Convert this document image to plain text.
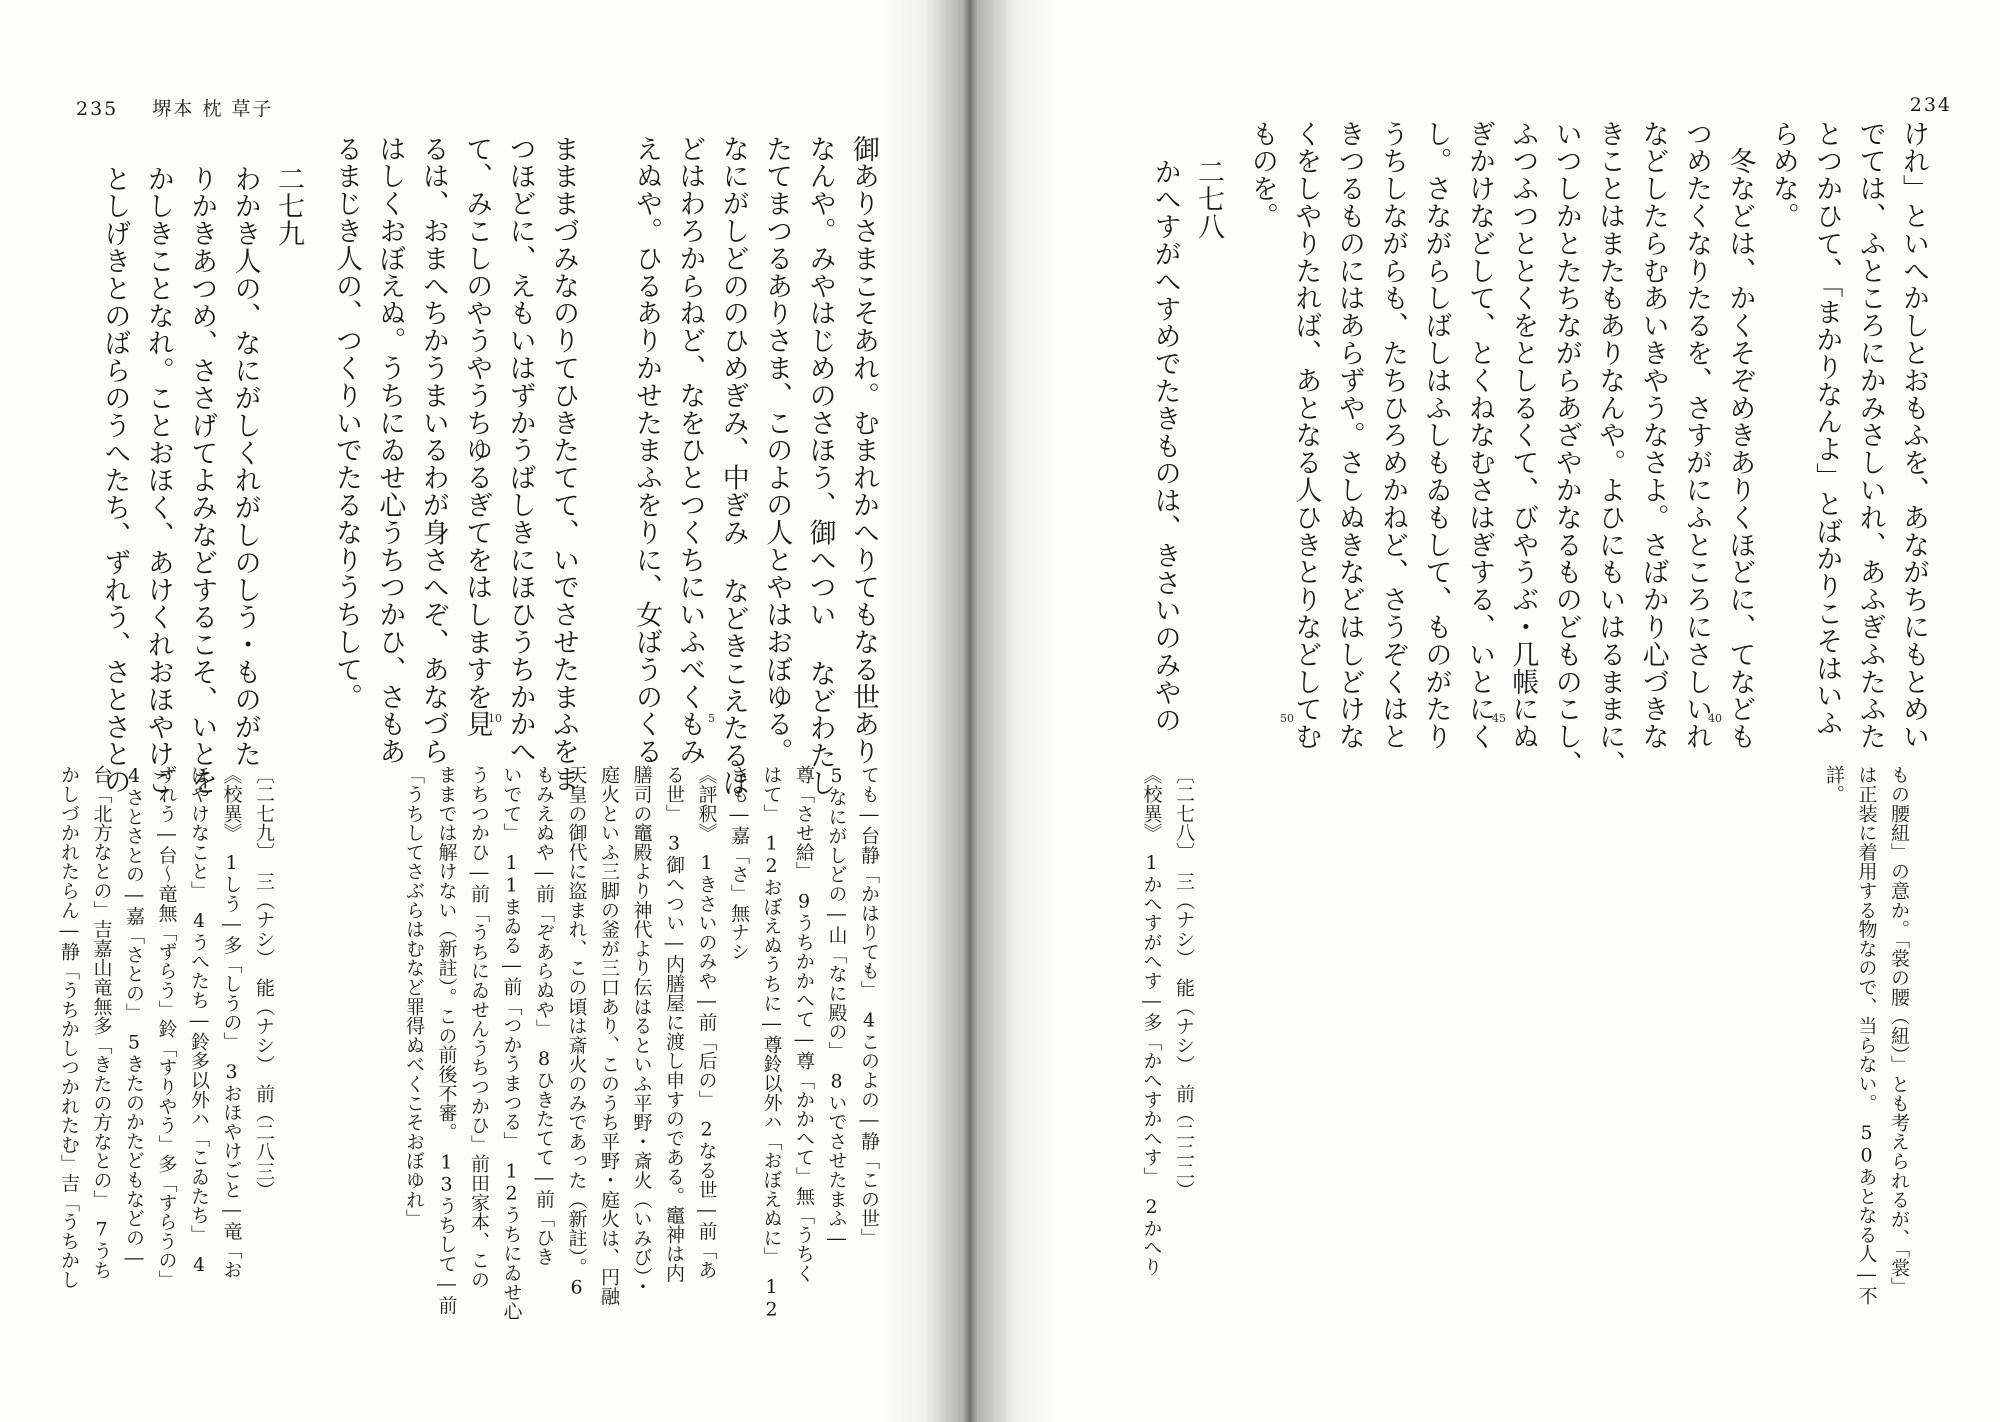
234
けれ」といへかしとおもふを、あながちにもとめい
でては、ふところにかみさしいれ、あふぎふたふた
とつかひて、「まかりなんよ」とばかりこそはいふ
らめな。
　冬などは、かくそぞめきありくほどに、てなども
つめたくなりたるを、さすがにふところにさしいれ
などしたらむあいきやうなさよ。さばかり心づきな
きことはまたもありなんや。よひにもいはるままに、
いつしかとたちながらあざやかなるものどものこし、
ふつふつととくをとしるくて、びやうぶ・几帳にぬ
ぎかけなどして、とくねなむさはぎする、いとにく
し。さながらしばしはふしもゐもして、ものがたり
うちしながらも、たちひろめかねど、さうぞくはと
きつるものにはあらずや。さしぬきなどはしどけな
くをしやりたれば、あとなる人ひきとりなどしてむ
ものを。
二七八
かへすがへすめでたきものは、きさいのみやの	40
45
50
もの腰紐」の意か。「裳の腰（紐）」とも考えられるが、「裳」
は正装に着用する物なので、当らない。　50あとなる人―不
詳。
〔二七八〕　三（ナシ）　能（ナシ）　前（二二二）
《校異》　1かへすがへす―多「かへすかへす」　2かへり
235 堺本 枕 草子
御ありさまこそあれ。むまれかへりてもなる世あり
なんや。みやはじめのさほう、御へつい などわたし
たてまつるありさま、このよの人とやはおぼゆる。
なにがしどののひめぎみ、中ぎみ などきこえたるほ
どはわろからねど、なをひとつくちにいふべくもみ
えぬや。ひるありかせたまふをりに、女ばうのくる
まままづみなのりてひきたてて、いでさせたまふをま
つほどに、えもいはずかうばしきにほひうちかかへ
て、みこしのやうやうちゆるぎてをはしますを見
るは、おまへちかうまいるわが身さへぞ、あなづら
はしくおぼえぬ。うちにゐせ心うちつかひ、さもあ
るまじき人の、つくりいでたるなりうちして。
二七九
わかき人の、なにがしくれがしのしう・ものがた
りかきあつめ、ささげてよみなどするこそ、いとを
かしきことなれ。ことおほく、あけくれおほやけご
としげきとのばらのうへたち、ずれう、さとさとの	5
10
ても―台静「かはりても」　4このよの―静「この世」
5なにがしどの―山「なに殿の」　8いでさせたまふ―
尊「させ給」　9うちかかへて―尊「かかへて」無「うちく
はて」　12おぼえぬうちに―尊鈴以外ハ「おぼえぬに」　12
さも―嘉「さ」無ナシ
《評釈》　1きさいのみや―前「后の」　2なる世―前「あ
る世」　3御へつい―内膳屋に渡し申すのである。竈神は内
膳司の竈殿より神代より伝はるといふ平野・斎火（いみび）・
庭火といふ三脚の釜が三口あり、このうち平野・庭火は、円融
天皇の御代に盗まれ、この頃は斎火のみであった（新註）。6
もみえぬや―前「ぞあらぬや」　8ひきたてて―前「ひき
いでて」　11まゐる―前「つかうまつる」　12うちにゐせ心
うちつかひ―前「うちにゐせんうちつかひ」前田家本、この
ままでは解けない（新註）。この前後不審。　13うちして―前
「うちしてさぶらはむなど罪得ぬべくこそおぼゆれ」
〔二七九〕　三（ナシ）　能（ナシ）　前（二八三）
《校異》　1しう―多「しうの」　3おほやけごと―竜「お
ほやけなこと」　4うへたち―鈴多以外ハ「こゐたち」　4
ずれう―台〜竜無「ずらう」鈴「すりやう」多「すらうの」
4さとさとの―嘉「さとの」　5きたのかたどもなどの―
台「北方なとの」吉嘉山竜無多「きたの方なとの」　7うち
かしづかれたらん―静「うちかしつかれたむ」吉「うちかし
